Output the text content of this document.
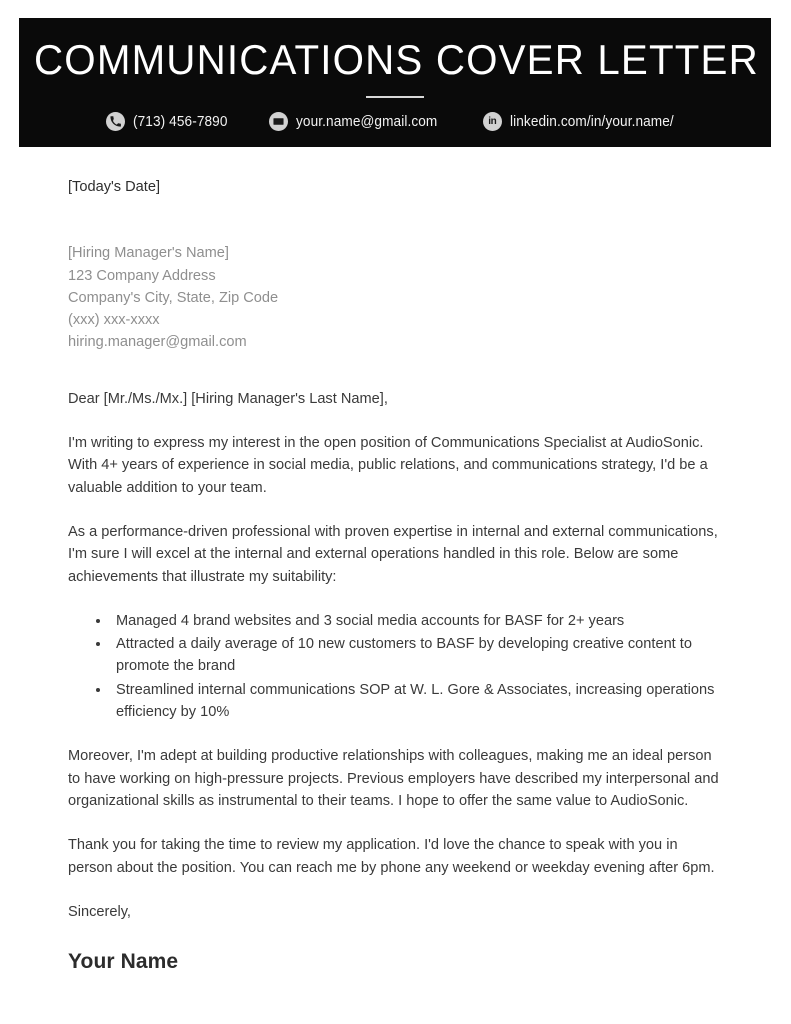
COMMUNICATIONS COVER LETTER
(713) 456-7890	your.name@gmail.com	in linkedin.com/in/your.name/
[Today's Date]
[Hiring Manager's Name]
123 Company Address
Company's City, State, Zip Code
(xxx) xxx-xxxx
hiring.manager@gmail.com
Dear [Mr./Ms./Mx.] [Hiring Manager's Last Name],
I'm writing to express my interest in the open position of Communications Specialist at AudioSonic. With 4+ years of experience in social media, public relations, and communications strategy, I'd be a valuable addition to your team.
As a performance-driven professional with proven expertise in internal and external communications, I'm sure I will excel at the internal and external operations handled in this role. Below are some achievements that illustrate my suitability:
Managed 4 brand websites and 3 social media accounts for BASF for 2+ years
Attracted a daily average of 10 new customers to BASF by developing creative content to promote the brand
Streamlined internal communications SOP at W. L. Gore & Associates, increasing operations efficiency by 10%
Moreover, I'm adept at building productive relationships with colleagues, making me an ideal person to have working on high-pressure projects. Previous employers have described my interpersonal and organizational skills as instrumental to their teams. I hope to offer the same value to AudioSonic.
Thank you for taking the time to review my application. I'd love the chance to speak with you in person about the position. You can reach me by phone any weekend or weekday evening after 6pm.
Sincerely,
Your Name
